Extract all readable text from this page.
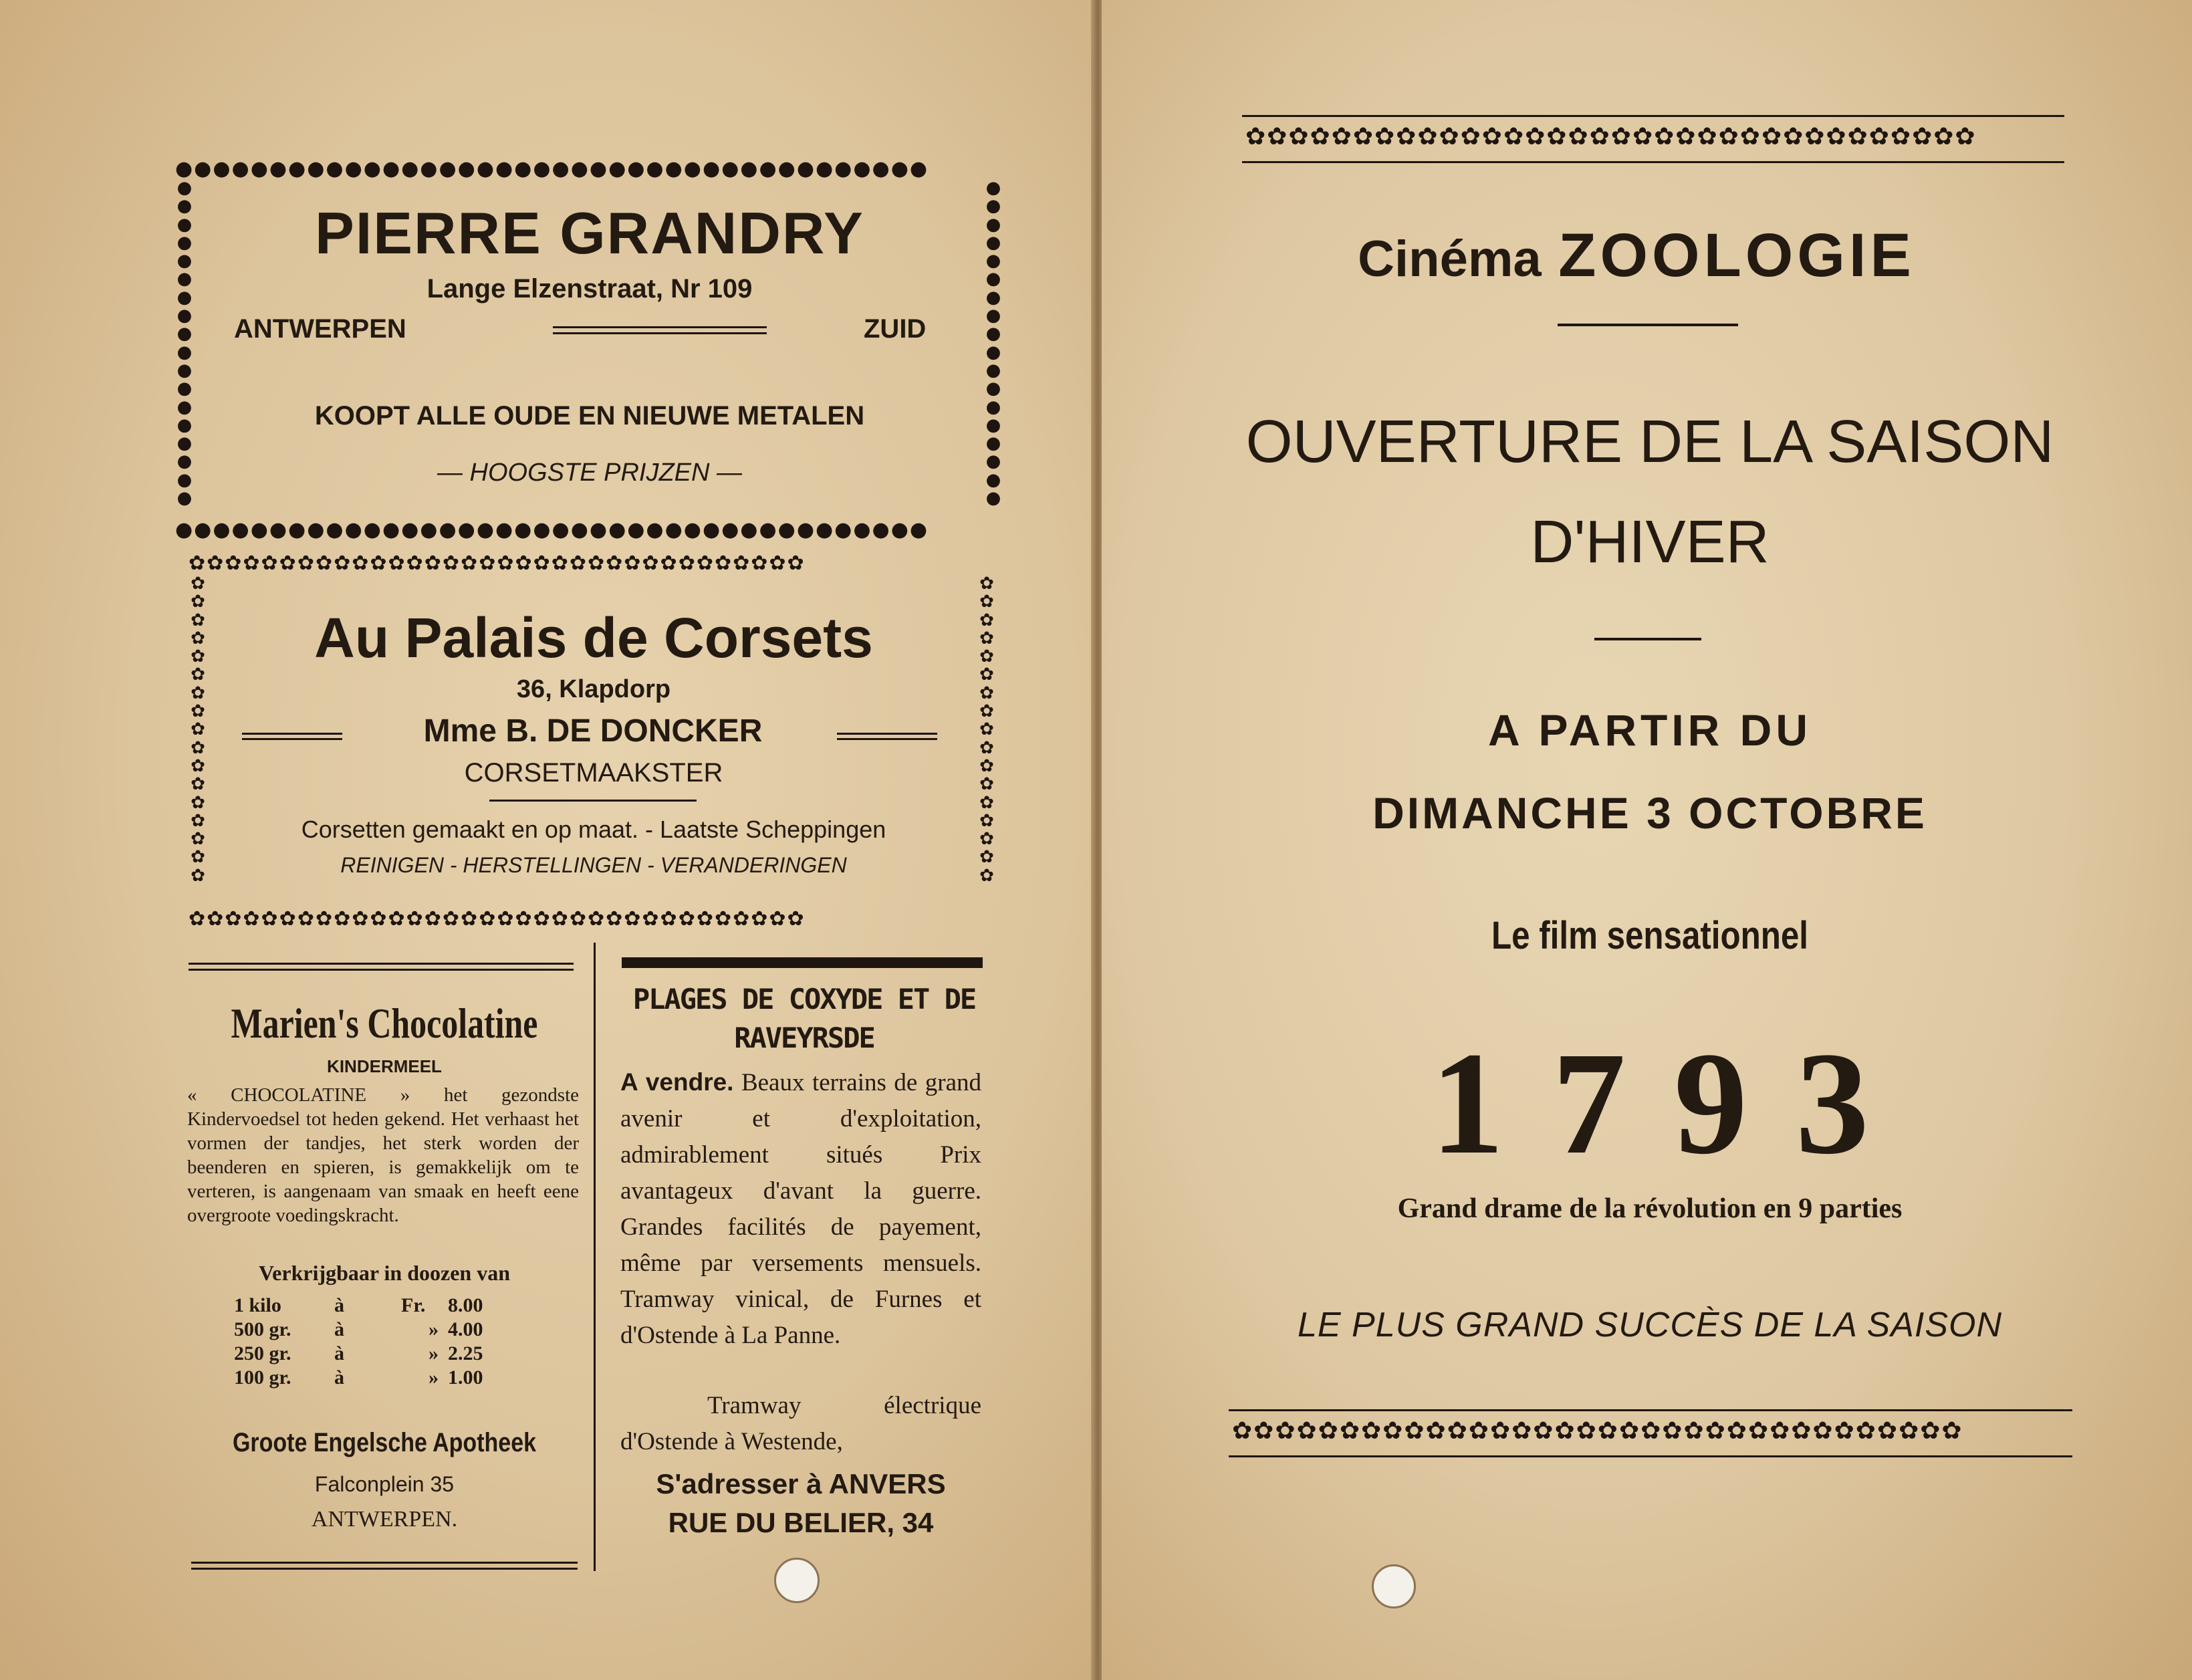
●●●●●●●●●●●●●●●●●●●●●●●●●●●●●●●●●●●●●●●●
●●●●●●●●●●●●●●●●●●●●●●●●●●●●●●●●●●●●●●●●
●●●●●●●●●●●●●●●●●●
●●●●●●●●●●●●●●●●●●
PIERRE GRANDRY
Lange Elzenstraat, Nr 109
ANTWERPEN	ZUID
KOOPT ALLE OUDE EN NIEUWE METALEN
— HOOGSTE PRIJZEN —
✿✿✿✿✿✿✿✿✿✿✿✿✿✿✿✿✿✿✿✿✿✿✿✿✿✿✿✿✿✿✿✿✿✿
✿✿✿✿✿✿✿✿✿✿✿✿✿✿✿✿✿✿✿✿✿✿✿✿✿✿✿✿✿✿✿✿✿✿
✿✿✿✿✿✿✿✿✿✿✿✿✿✿✿✿✿
✿✿✿✿✿✿✿✿✿✿✿✿✿✿✿✿✿
Au Palais de Corsets
36, Klapdorp
Mme B. DE DONCKER
CORSETMAAKSTER
Corsetten gemaakt en op maat. - Laatste Scheppingen
REINIGEN - HERSTELLINGEN - VERANDERINGEN
Marien's Chocolatine
KINDERMEEL
« CHOCOLATINE » het gezondste Kindervoedsel tot heden gekend. Het verhaast het vormen der tandjes, het sterk worden der beenderen en spieren, is gemakkelijk om te verteren, is aangenaam van smaak en heeft eene overgroote voedingskracht.
Verkrijgbaar in doozen van
1 kilo	à	Fr.	8.00
500 gr.	à	»	4.00
250 gr.	à	»	2.25
100 gr.	à	»	1.00
Groote Engelsche Apotheek
Falconplein 35
ANTWERPEN.
PLAGES DE COXYDE ET DE RAVEYRSDE
A vendre. Beaux terrains de grand avenir et d'exploitation, admirablement situés Prix avantageux d'avant la guerre. Grandes facilités de payement, même par versements mensuels. Tramway vinical, de Furnes et d'Ostende à La Panne.
Tramway électrique d'Ostende à Westende,
S'adresser à ANVERS
RUE DU BELIER, 34
✿✿✿✿✿✿✿✿✿✿✿✿✿✿✿✿✿✿✿✿✿✿✿✿✿✿✿✿✿✿✿✿✿✿
Cinéma ZOOLOGIE
OUVERTURE DE LA SAISON
D'HIVER
A PARTIR DU
DIMANCHE 3 OCTOBRE
Le film sensationnel
1793
Grand drame de la révolution en 9 parties
LE PLUS GRAND SUCCÈS DE LA SAISON
✿✿✿✿✿✿✿✿✿✿✿✿✿✿✿✿✿✿✿✿✿✿✿✿✿✿✿✿✿✿✿✿✿✿
